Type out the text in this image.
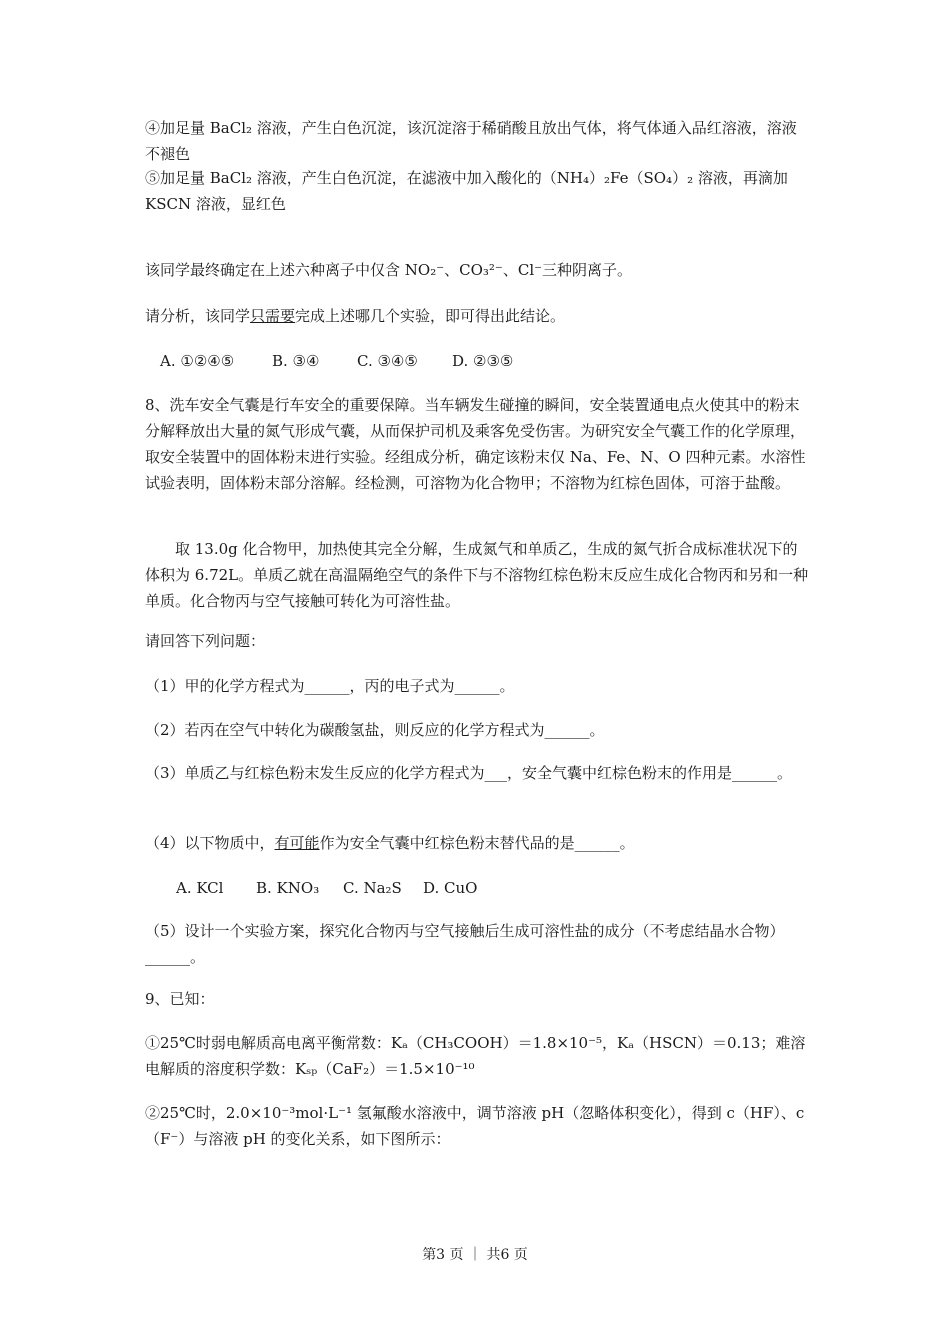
④加足量 BaCl₂ 溶液，产生白色沉淀，该沉淀溶于稀硝酸且放出气体，将气体通入品红溶液，溶液不褪色

⑤加足量 BaCl₂ 溶液，产生白色沉淀，在滤液中加入酸化的（NH₄）₂Fe（SO₄）₂ 溶液，再滴加 KSCN 溶液，显红色

该同学最终确定在上述六种离子中仅含 NO₂⁻、CO₃²⁻、Cl⁻三种阴离子。

请分析，该同学只需要完成上述哪几个实验，即可得出此结论。

A. ①②④⑤	B. ③④	C. ③④⑤	D. ②③⑤

8、洗车安全气囊是行车安全的重要保障。当车辆发生碰撞的瞬间，安全装置通电点火使其中的粉末分解释放出大量的氮气形成气囊，从而保护司机及乘客免受伤害。为研究安全气囊工作的化学原理，取安全装置中的固体粉末进行实验。经组成分析，确定该粉末仅 Na、Fe、N、O 四种元素。水溶性试验表明，固体粉末部分溶解。经检测，可溶物为化合物甲；不溶物为红棕色固体，可溶于盐酸。

取 13.0g 化合物甲，加热使其完全分解，生成氮气和单质乙，生成的氮气折合成标准状况下的体积为 6.72L。单质乙就在高温隔绝空气的条件下与不溶物红棕色粉末反应生成化合物丙和另和一种单质。化合物丙与空气接触可转化为可溶性盐。

请回答下列问题：

（1）甲的化学方程式为______，丙的电子式为______。

（2）若丙在空气中转化为碳酸氢盐，则反应的化学方程式为______。

（3）单质乙与红棕色粉末发生反应的化学方程式为___，安全气囊中红棕色粉末的作用是______。

（4）以下物质中，有可能作为安全气囊中红棕色粉末替代品的是______。

A. KCl	B. KNO₃	C. Na₂S	D. CuO

（5）设计一个实验方案，探究化合物丙与空气接触后生成可溶性盐的成分（不考虑结晶水合物）______。

9、已知：

①25℃时弱电解质高电离平衡常数：Kₐ（CH₃COOH）＝1.8×10⁻⁵，Kₐ（HSCN）＝0.13；难溶电解质的溶度积学数：Kₛₚ（CaF₂）＝1.5×10⁻¹⁰

②25℃时，2.0×10⁻³mol·L⁻¹ 氢氟酸水溶液中，调节溶液 pH（忽略体积变化），得到 c（HF）、c（F⁻）与溶液 pH 的变化关系，如下图所示：

第3 页 ｜ 共6 页
